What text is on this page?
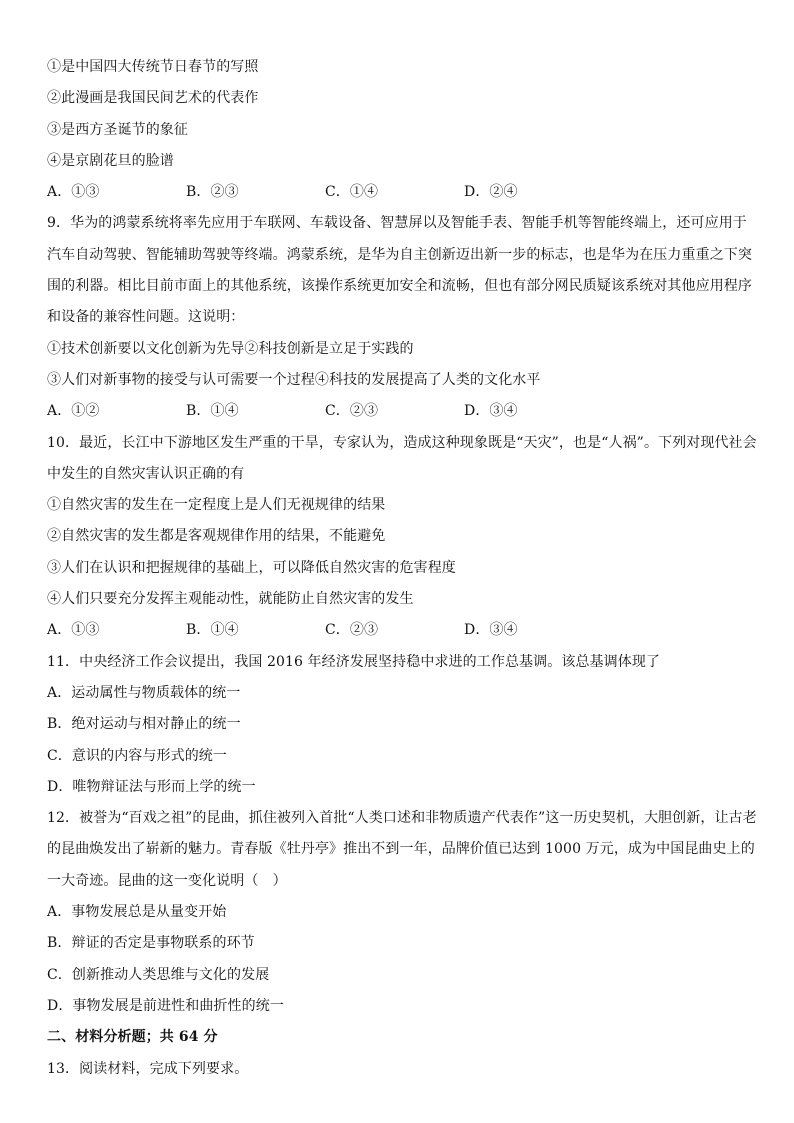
①是中国四大传统节日春节的写照
②此漫画是我国民间艺术的代表作
③是西方圣诞节的象征
④是京剧花旦的脸谱
A．①③	B．②③	C．①④	D．②④
9．华为的鸿蒙系统将率先应用于车联网、车载设备、智慧屏以及智能手表、智能手机等智能终端上，还可应用于
汽车自动驾驶、智能辅助驾驶等终端。鸿蒙系统，是华为自主创新迈出新一步的标志，也是华为在压力重重之下突
围的利器。相比目前市面上的其他系统，该操作系统更加安全和流畅，但也有部分网民质疑该系统对其他应用程序
和设备的兼容性问题。这说明：
①技术创新要以文化创新为先导②科技创新是立足于实践的
③人们对新事物的接受与认可需要一个过程④科技的发展提高了人类的文化水平
A．①②	B．①④	C．②③	D．③④
10．最近，长江中下游地区发生严重的干旱，专家认为，造成这种现象既是“天灾”，也是“人祸”。下列对现代社会
中发生的自然灾害认识正确的有
①自然灾害的发生在一定程度上是人们无视规律的结果
②自然灾害的发生都是客观规律作用的结果，不能避免
③人们在认识和把握规律的基础上，可以降低自然灾害的危害程度
④人们只要充分发挥主观能动性，就能防止自然灾害的发生
A．①③	B．①④	C．②③	D．③④
11．中央经济工作会议提出，我国 2016 年经济发展坚持稳中求进的工作总基调。该总基调体现了
A．运动属性与物质载体的统一
B．绝对运动与相对静止的统一
C．意识的内容与形式的统一
D．唯物辩证法与形而上学的统一
12．被誉为“百戏之祖”的昆曲，抓住被列入首批“人类口述和非物质遗产代表作”这一历史契机，大胆创新，让古老
的昆曲焕发出了崭新的魅力。青春版《牡丹亭》推出不到一年，品牌价值已达到 1000 万元，成为中国昆曲史上的
一大奇迹。昆曲的这一变化说明（　）
A．事物发展总是从量变开始
B．辩证的否定是事物联系的环节
C．创新推动人类思维与文化的发展
D．事物发展是前进性和曲折性的统一
二、材料分析题；共 64 分
13．阅读材料，完成下列要求。
